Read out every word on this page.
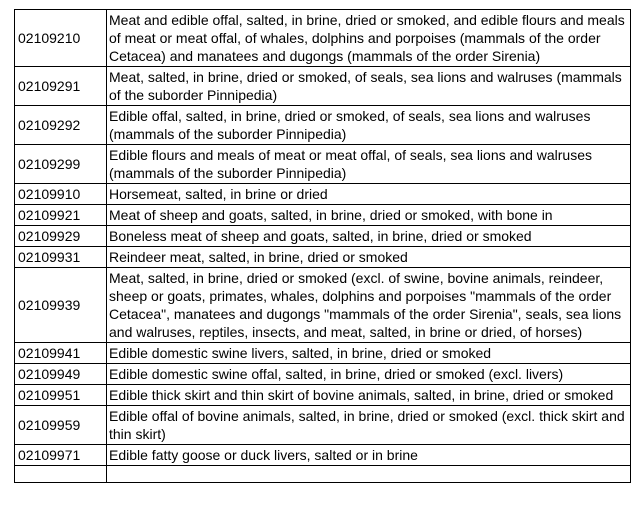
02109210	Meat and edible offal, salted, in brine, dried or smoked, and edible flours and meals of meat or meat offal, of whales, dolphins and porpoises (mammals of the order Cetacea) and manatees and dugongs (mammals of the order Sirenia)
02109291	Meat, salted, in brine, dried or smoked, of seals, sea lions and walruses (mammals of the suborder Pinnipedia)
02109292	Edible offal, salted, in brine, dried or smoked, of seals, sea lions and walruses (mammals of the suborder Pinnipedia)
02109299	Edible flours and meals of meat or meat offal, of seals, sea lions and walruses (mammals of the suborder Pinnipedia)
02109910	Horsemeat, salted, in brine or dried
02109921	Meat of sheep and goats, salted, in brine, dried or smoked, with bone in
02109929	Boneless meat of sheep and goats, salted, in brine, dried or smoked
02109931	Reindeer meat, salted, in brine, dried or smoked
02109939	Meat, salted, in brine, dried or smoked (excl. of swine, bovine animals, reindeer, sheep or goats, primates, whales, dolphins and porpoises "mammals of the order Cetacea", manatees and dugongs "mammals of the order Sirenia", seals, sea lions and walruses, reptiles, insects, and meat, salted, in brine or dried, of horses)
02109941	Edible domestic swine livers, salted, in brine, dried or smoked
02109949	Edible domestic swine offal, salted, in brine, dried or smoked (excl. livers)
02109951	Edible thick skirt and thin skirt of bovine animals, salted, in brine, dried or smoked
02109959	Edible offal of bovine animals, salted, in brine, dried or smoked (excl. thick skirt and thin skirt)
02109971	Edible fatty goose or duck livers, salted or in brine
